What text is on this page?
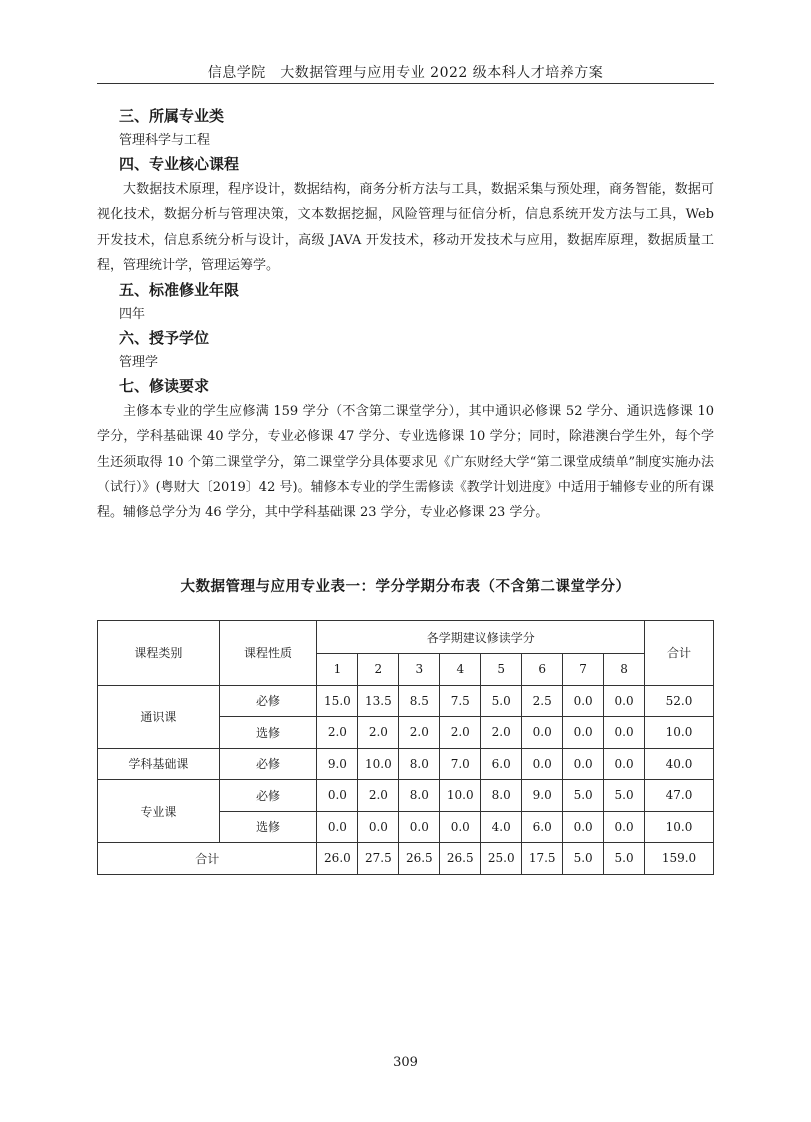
信息学院　大数据管理与应用专业 2022 级本科人才培养方案

三、所属专业类

管理科学与工程

四、专业核心课程

大数据技术原理，程序设计，数据结构，商务分析方法与工具，数据采集与预处理，商务智能，数据可视化技术，数据分析与管理决策，文本数据挖掘，风险管理与征信分析，信息系统开发方法与工具，Web 开发技术，信息系统分析与设计，高级 JAVA 开发技术，移动开发技术与应用，数据库原理，数据质量工程，管理统计学，管理运筹学。

五、标准修业年限

四年

六、授予学位

管理学

七、修读要求

主修本专业的学生应修满 159 学分（不含第二课堂学分），其中通识必修课 52 学分、通识选修课 10 学分，学科基础课 40 学分，专业必修课 47 学分、专业选修课 10 学分；同时，除港澳台学生外，每个学生还须取得 10 个第二课堂学分，第二课堂学分具体要求见《广东财经大学“第二课堂成绩单”制度实施办法（试行）》(粤财大〔2019〕42 号)。辅修本专业的学生需修读《教学计划进度》中适用于辅修专业的所有课程。辅修总学分为 46 学分，其中学科基础课 23 学分，专业必修课 23 学分。

大数据管理与应用专业表一：学分学期分布表（不含第二课堂学分）
课程类别	课程性质	各学期建议修读学分								合计
		1	2	3	4	5	6	7	8	
通识课	必修	15.0	13.5	8.5	7.5	5.0	2.5	0.0	0.0	52.0
	选修	2.0	2.0	2.0	2.0	2.0	0.0	0.0	0.0	10.0
学科基础课	必修	9.0	10.0	8.0	7.0	6.0	0.0	0.0	0.0	40.0
专业课	必修	0.0	2.0	8.0	10.0	8.0	9.0	5.0	5.0	47.0
	选修	0.0	0.0	0.0	0.0	4.0	6.0	0.0	0.0	10.0
合计		26.0	27.5	26.5	26.5	25.0	17.5	5.0	5.0	159.0
309
